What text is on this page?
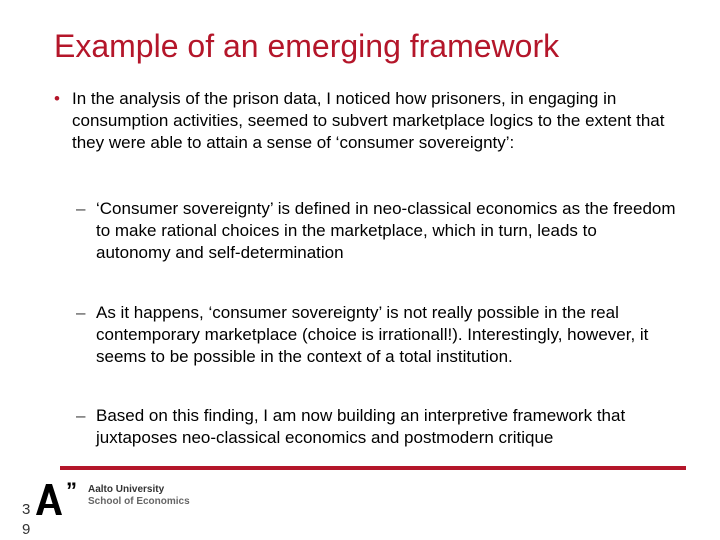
Example of an emerging framework
• In the analysis of the prison data, I noticed how prisoners, in engaging in consumption activities, seemed to subvert marketplace logics to the extent that they were able to attain a sense of ‘consumer sovereignty’:
– ‘Consumer sovereignty’ is defined in neo-classical economics as the freedom to make rational choices in the marketplace, which in turn, leads to autonomy and self-determination
– As it happens, ‘consumer sovereignty’ is not really possible in the real contemporary marketplace (choice is irrationall!). Interestingly, however, it seems to be possible in the context of a total institution.
– Based on this finding, I am now building an interpretive framework that juxtaposes neo-classical economics and postmodern critique
” Aalto University
School of Economics
3
9
